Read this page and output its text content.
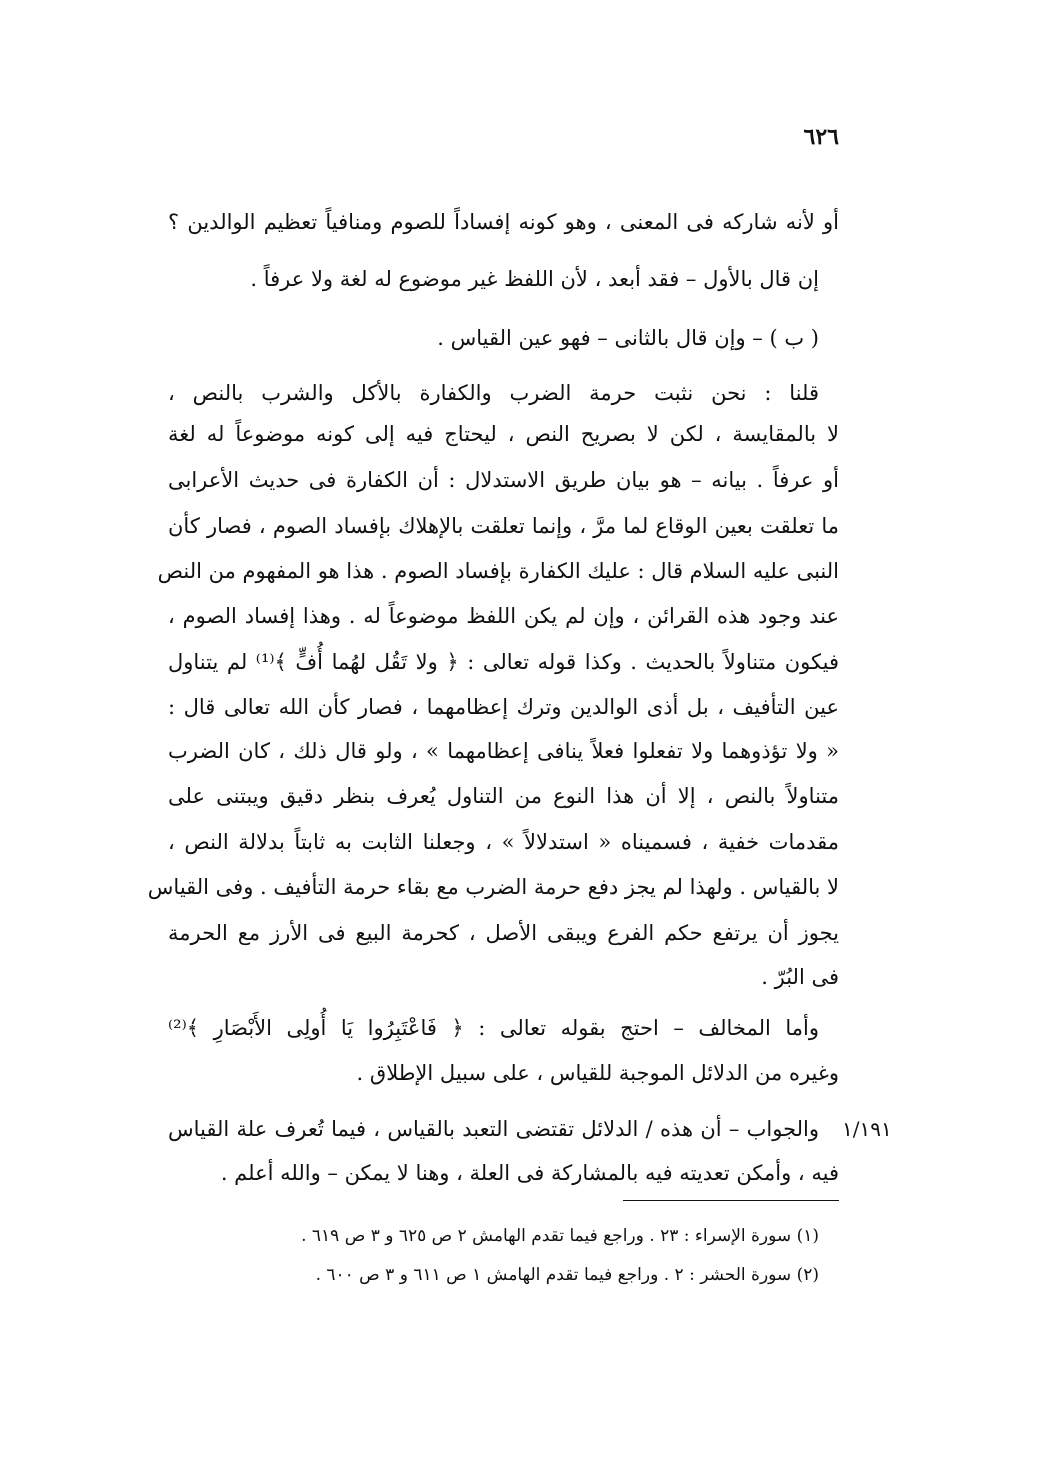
٦٢٦
أو لأنه شاركه فى المعنى ، وهو كونه إفساداً للصوم ومنافياً تعظيم الوالدين ؟
إن قال بالأول – فقد أبعد ، لأن اللفظ غير موضوع له لغة ولا عرفاً .
( ب ) – وإن قال بالثانى – فهو عين القياس .
قلنا : نحن نثبت حرمة الضرب والكفارة بالأكل والشرب بالنص ،
لا بالمقايسة ، لكن لا بصريح النص ، ليحتاج فيه إلى كونه موضوعاً له لغة
أو عرفاً . بيانه – هو بيان طريق الاستدلال : أن الكفارة فى حديث الأعرابى
ما تعلقت بعين الوقاع لما مرَّ ، وإنما تعلقت بالإهلاك بإفساد الصوم ، فصار كأن
النبى عليه السلام قال : عليك الكفارة بإفساد الصوم . هذا هو المفهوم من النص
عند وجود هذه القرائن ، وإن لم يكن اللفظ موضوعاً له . وهذا إفساد الصوم ،
فيكون متناولاً بالحديث . وكذا قوله تعالى : ﴿ ولا تَقُل لهُما أُفٍّ ﴾⁽¹⁾ لم يتناول
عين التأفيف ، بل أذى الوالدين وترك إعظامهما ، فصار كأن الله تعالى قال :
« ولا تؤذوهما ولا تفعلوا فعلاً ينافى إعظامهما » ، ولو قال ذلك ، كان الضرب
متناولاً بالنص ، إلا أن هذا النوع من التناول يُعرف بنظر دقيق ويبتنى على
مقدمات خفية ، فسميناه « استدلالاً » ، وجعلنا الثابت به ثابتاً بدلالة النص ،
لا بالقياس . ولهذا لم يجز دفع حرمة الضرب مع بقاء حرمة التأفيف . وفى القياس
يجوز أن يرتفع حكم الفرع ويبقى الأصل ، كحرمة البيع فى الأرز مع الحرمة
فى البُرّ .
وأما المخالف – احتج بقوله تعالى : ﴿ فَاعْتَبِرُوا يَا أُولِى الأَبْصَارِ ﴾⁽²⁾
وغيره من الدلائل الموجبة للقياس ، على سبيل الإطلاق .
والجواب – أن هذه / الدلائل تقتضى التعبد بالقياس ، فيما تُعرف علة القياس
فيه ، وأمكن تعديته فيه بالمشاركة فى العلة ، وهنا لا يمكن – والله أعلم .
١/١٩١
(١) سورة الإسراء : ٢٣ . وراجع فيما تقدم الهامش ٢ ص ٦٢٥ و ٣ ص ٦١٩ .
(٢) سورة الحشر : ٢ . وراجع فيما تقدم الهامش ١ ص ٦١١ و ٣ ص ٦٠٠ .
